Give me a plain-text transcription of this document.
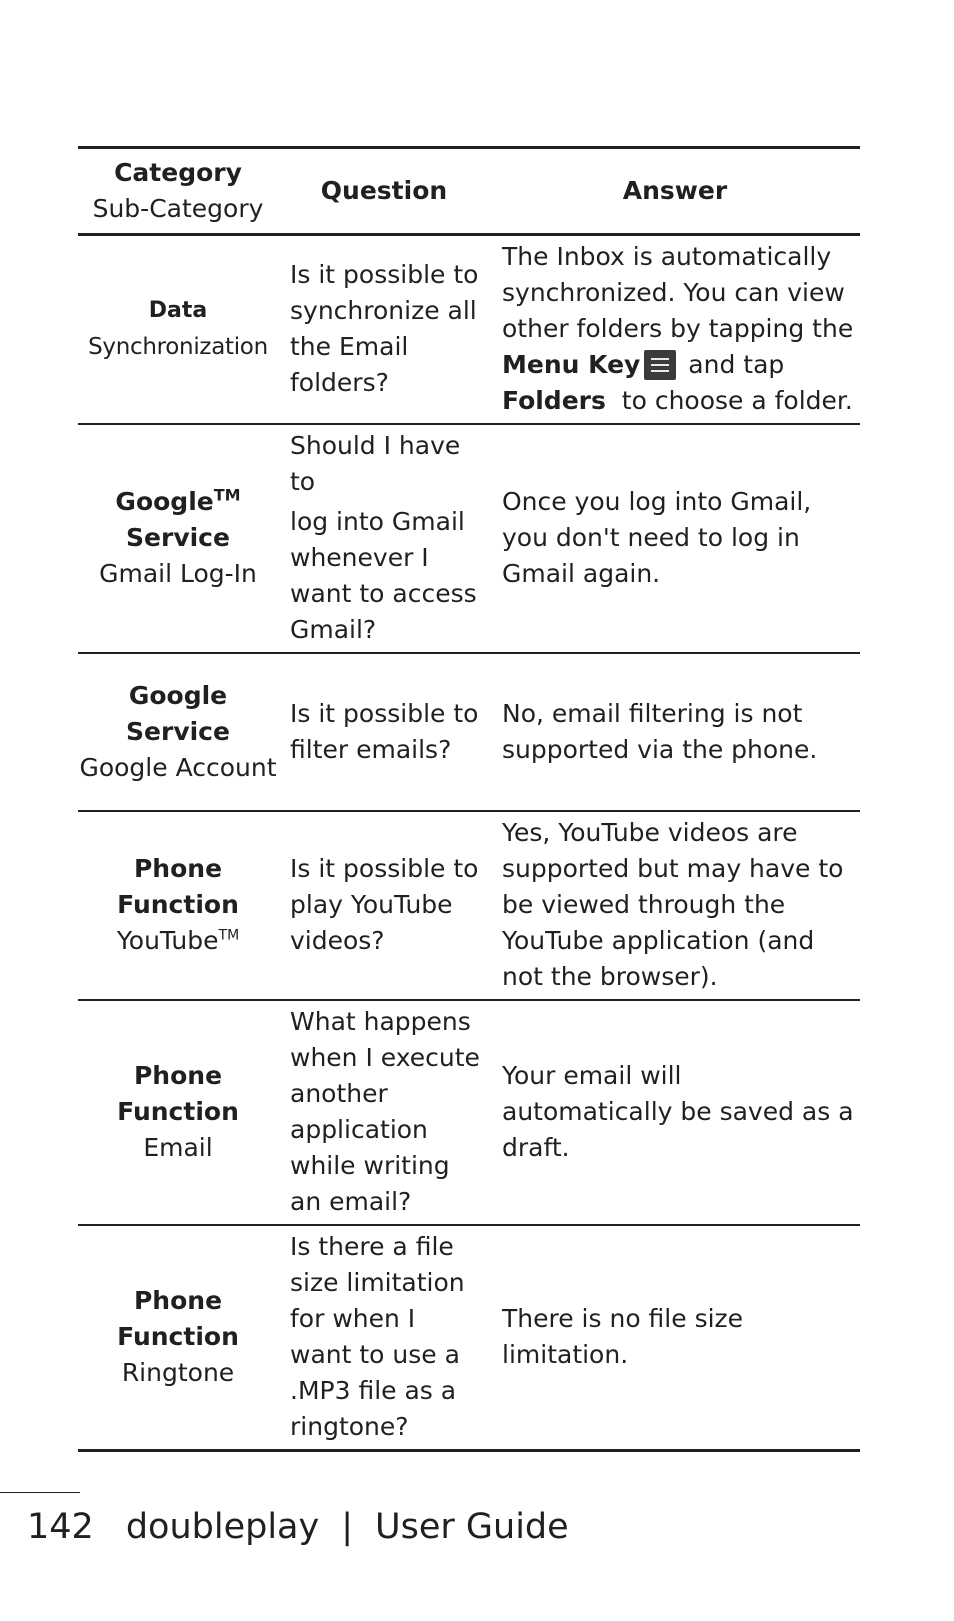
Category
Sub-Category	Question	Answer

Data
Synchronization	Is it possible to synchronize all the Email folders?	The Inbox is automatically synchronized. You can view other folders by tapping the Menu Key and tap Folders to choose a folder.

Google™
Service
Gmail Log-In	Should I have to
log into Gmail whenever I want to access Gmail?	Once you log into Gmail, you don't need to log in Gmail again.

Google Service
Google Account	Is it possible to filter emails?	No, email filtering is not supported via the phone.

Phone Function
YouTube™	Is it possible to play YouTube videos?	Yes, YouTube videos are supported but may have to be viewed through the YouTube application (and not the browser).

Phone Function
Email	What happens when I execute another application while writing an email?	Your email will automatically be saved as a draft.

Phone Function
Ringtone	Is there a file size limitation for when I want to use a .MP3 file as a ringtone?	There is no file size limitation.
142 doubleplay | User Guide
